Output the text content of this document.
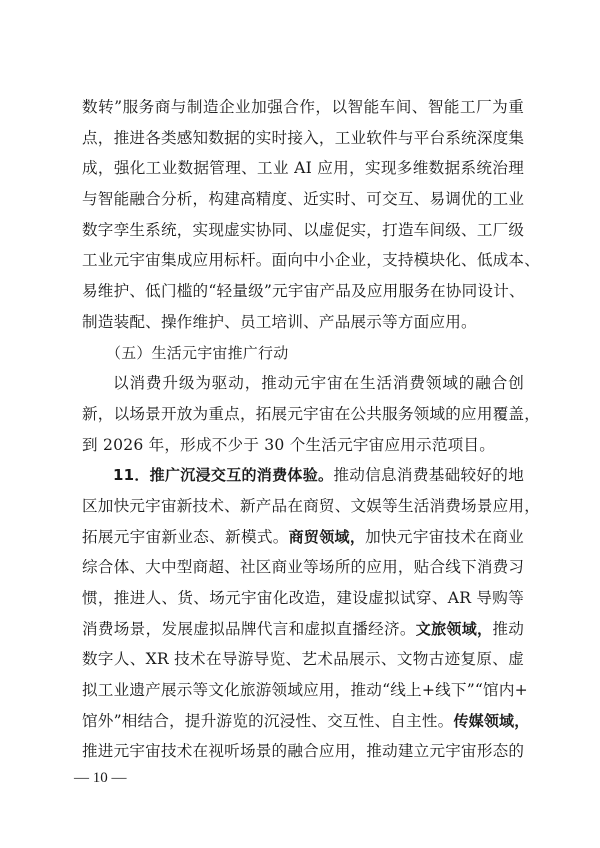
数转”服务商与制造企业加强合作，以智能车间、智能工厂为重
点，推进各类感知数据的实时接入，工业软件与平台系统深度集
成，强化工业数据管理、工业 AI 应用，实现多维数据系统治理
与智能融合分析，构建高精度、近实时、可交互、易调优的工业
数字孪生系统，实现虚实协同、以虚促实，打造车间级、工厂级
工业元宇宙集成应用标杆。面向中小企业，支持模块化、低成本、
易维护、低门槛的“轻量级”元宇宙产品及应用服务在协同设计、
制造装配、操作维护、员工培训、产品展示等方面应用。
（五）生活元宇宙推广行动
以消费升级为驱动，推动元宇宙在生活消费领域的融合创
新，以场景开放为重点，拓展元宇宙在公共服务领域的应用覆盖，
到 2026 年，形成不少于 30 个生活元宇宙应用示范项目。
11．推广沉浸交互的消费体验。推动信息消费基础较好的地
区加快元宇宙新技术、新产品在商贸、文娱等生活消费场景应用，
拓展元宇宙新业态、新模式。商贸领域，加快元宇宙技术在商业
综合体、大中型商超、社区商业等场所的应用，贴合线下消费习
惯，推进人、货、场元宇宙化改造，建设虚拟试穿、AR 导购等
消费场景，发展虚拟品牌代言和虚拟直播经济。文旅领域，推动
数字人、XR 技术在导游导览、艺术品展示、文物古迹复原、虚
拟工业遗产展示等文化旅游领域应用，推动“线上+线下”“馆内+
馆外”相结合，提升游览的沉浸性、交互性、自主性。传媒领域，
推进元宇宙技术在视听场景的融合应用，推动建立元宇宙形态的
— 10 —
